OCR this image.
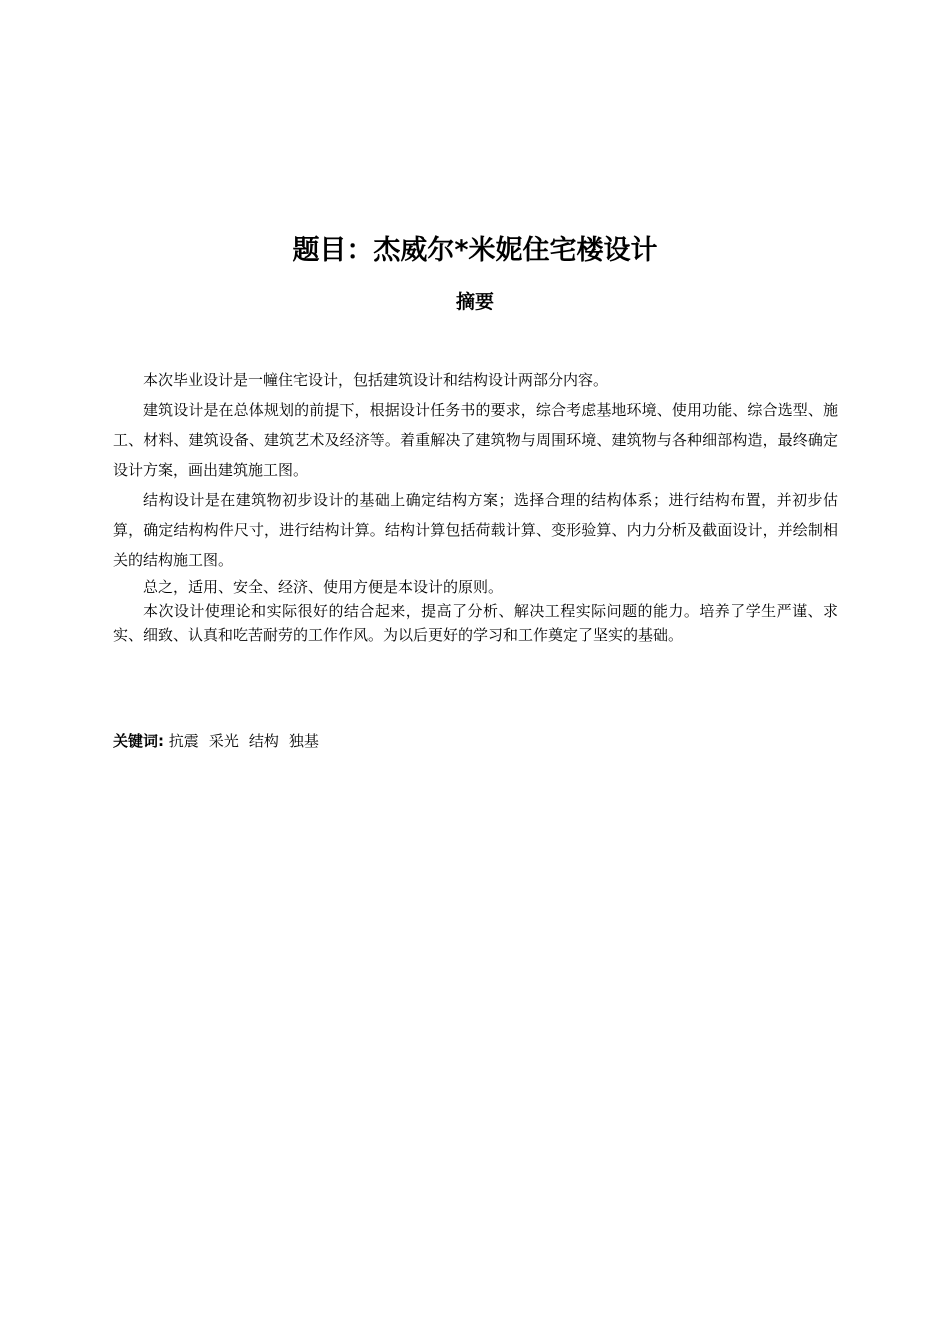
题目：杰威尔*米妮住宅楼设计
摘要

本次毕业设计是一幢住宅设计，包括建筑设计和结构设计两部分内容。

建筑设计是在总体规划的前提下，根据设计任务书的要求，综合考虑基地环境、使用功能、综合选型、施工、材料、建筑设备、建筑艺术及经济等。着重解决了建筑物与周围环境、建筑物与各种细部构造，最终确定设计方案，画出建筑施工图。

结构设计是在建筑物初步设计的基础上确定结构方案；选择合理的结构体系；进行结构布置，并初步估算，确定结构构件尺寸，进行结构计算。结构计算包括荷载计算、变形验算、内力分析及截面设计，并绘制相关的结构施工图。

总之，适用、安全、经济、使用方便是本设计的原则。

本次设计使理论和实际很好的结合起来，提高了分析、解决工程实际问题的能力。培养了学生严谨、求实、细致、认真和吃苦耐劳的工作作风。为以后更好的学习和工作奠定了坚实的基础。

关键词: 抗震 采光 结构 独基
